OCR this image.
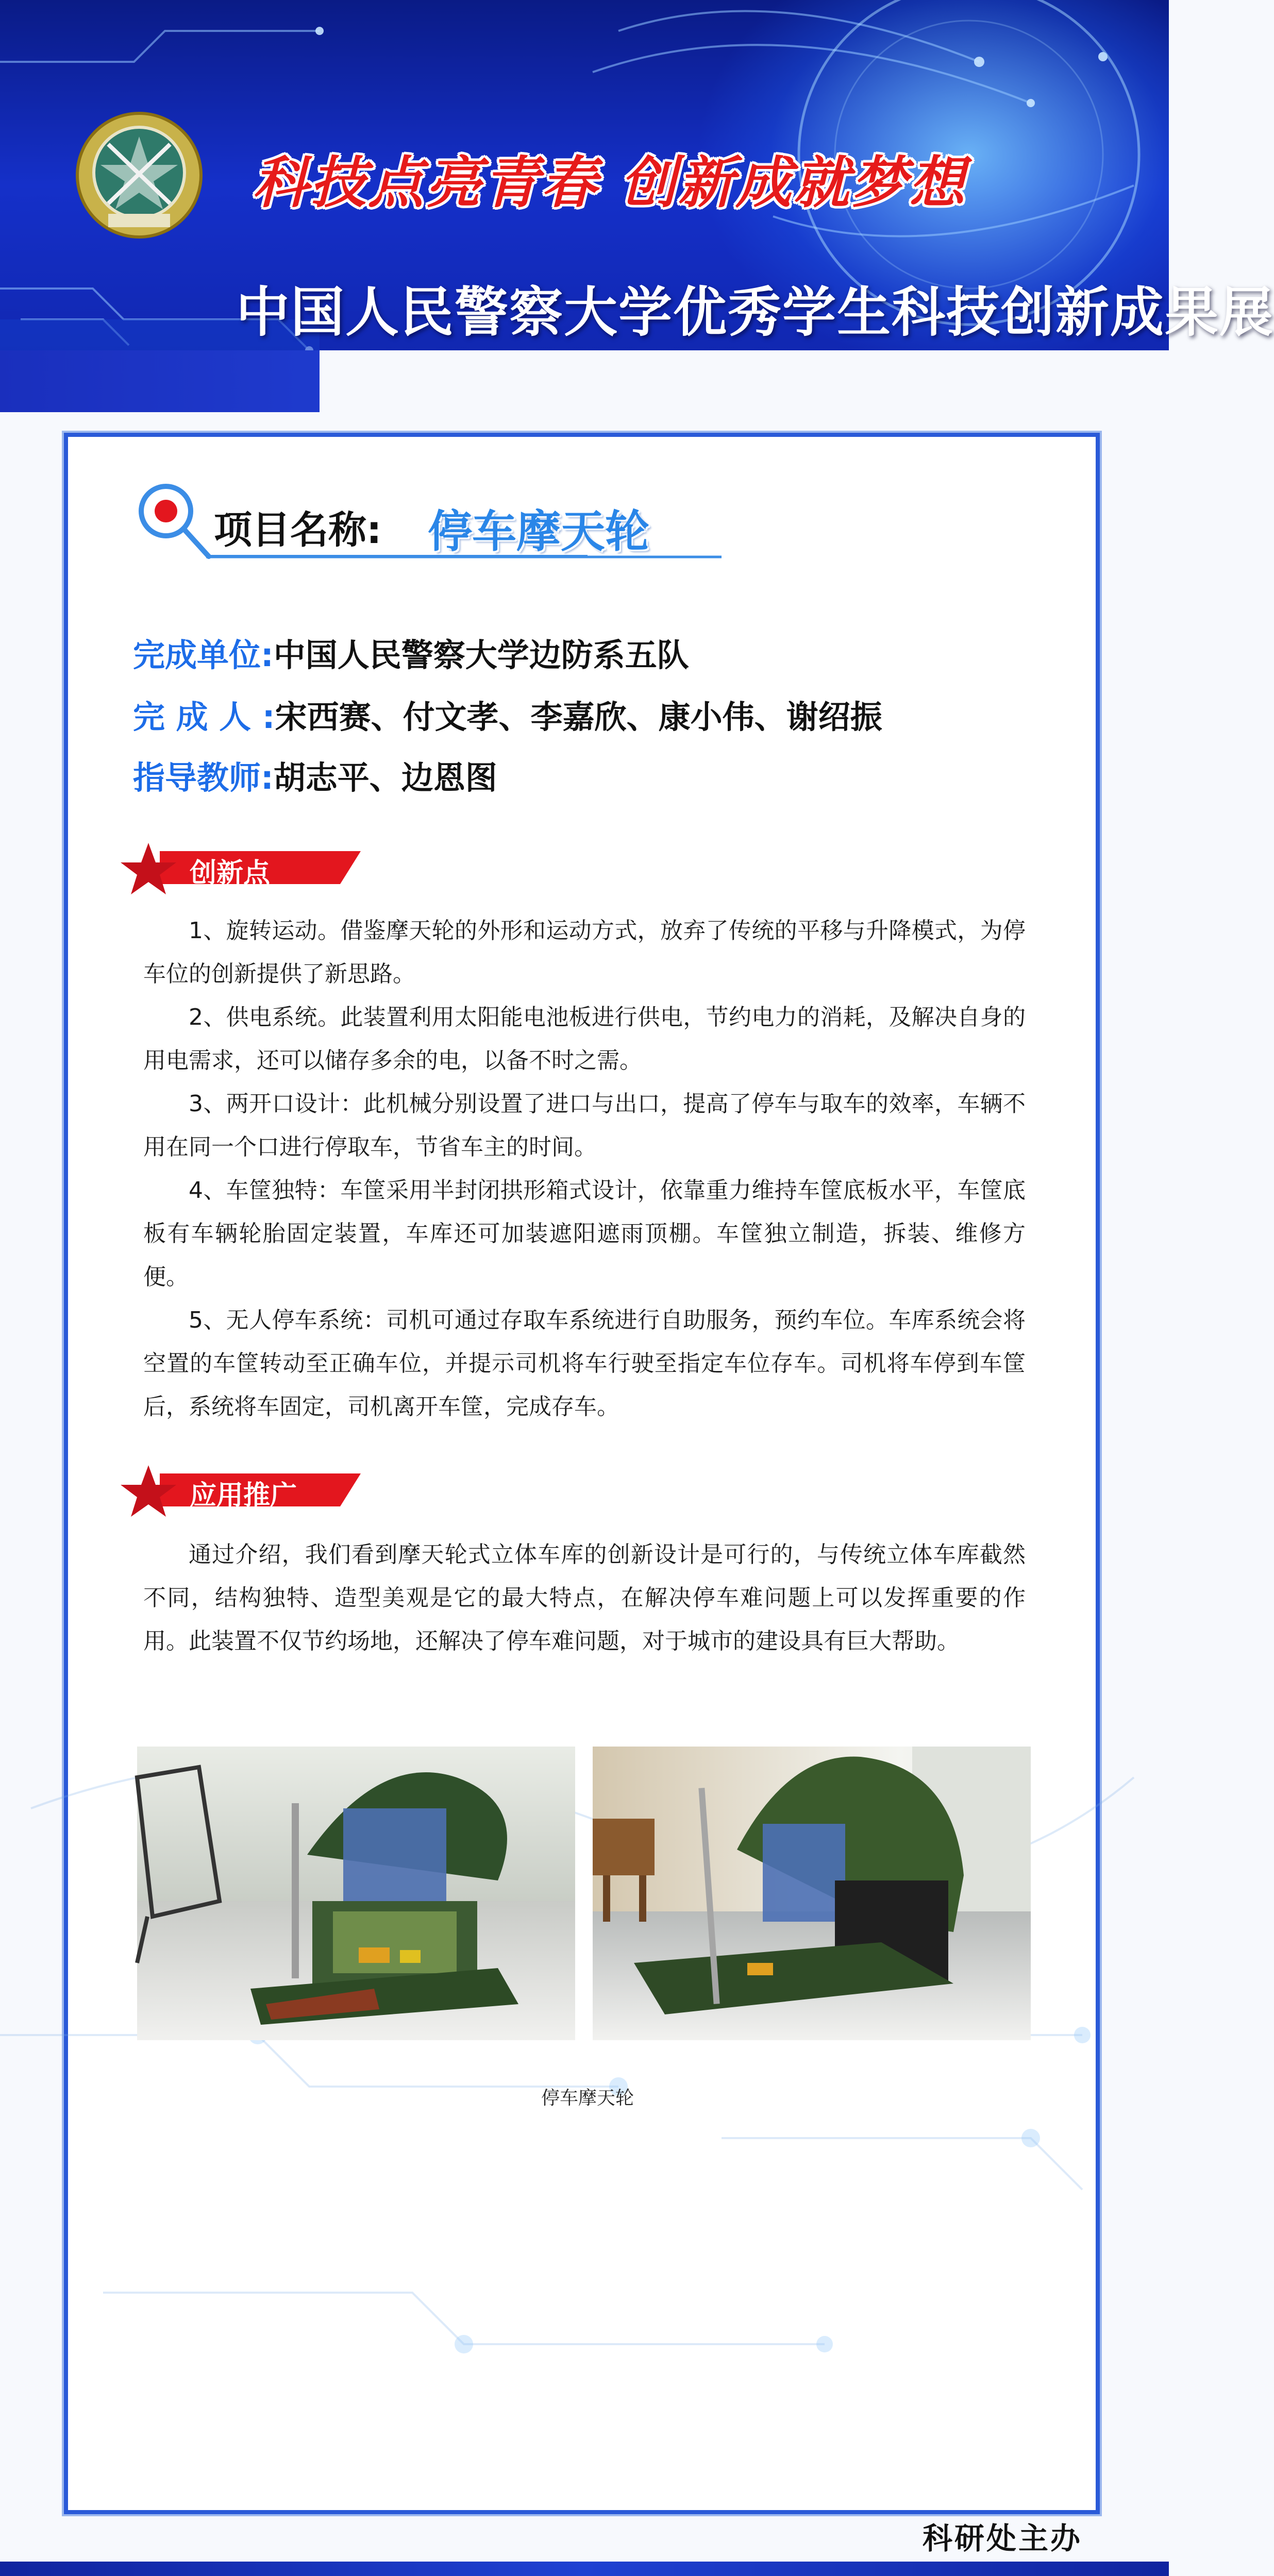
科技点亮青春 创新成就梦想
中国人民警察大学优秀学生科技创新成果展
项目名称: 停车摩天轮
完成单位:中国人民警察大学边防系五队
完 成 人 :宋西赛、付文孝、李嘉欣、康小伟、谢绍振
指导教师:胡志平、边恩图
创新点

1、旋转运动。借鉴摩天轮的外形和运动方式，放弃了传统的平移与升降模式，为停车位的创新提供了新思路。

2、供电系统。此装置利用太阳能电池板进行供电，节约电力的消耗，及解决自身的用电需求，还可以储存多余的电，以备不时之需。

3、两开口设计：此机械分别设置了进口与出口，提高了停车与取车的效率，车辆不用在同一个口进行停取车，节省车主的时间。

4、车筐独特：车筐采用半封闭拱形箱式设计，依靠重力维持车筐底板水平，车筐底板有车辆轮胎固定装置，车库还可加装遮阳遮雨顶棚。车筐独立制造，拆装、维修方便。

5、无人停车系统：司机可通过存取车系统进行自助服务，预约车位。车库系统会将空置的车筐转动至正确车位，并提示司机将车行驶至指定车位存车。司机将车停到车筐后，系统将车固定，司机离开车筐，完成存车。

应用推广

通过介绍，我们看到摩天轮式立体车库的创新设计是可行的，与传统立体车库截然不同，结构独特、造型美观是它的最大特点，在解决停车难问题上可以发挥重要的作用。此装置不仅节约场地，还解决了停车难问题，对于城市的建设具有巨大帮助。

停车摩天轮
科研处主办
